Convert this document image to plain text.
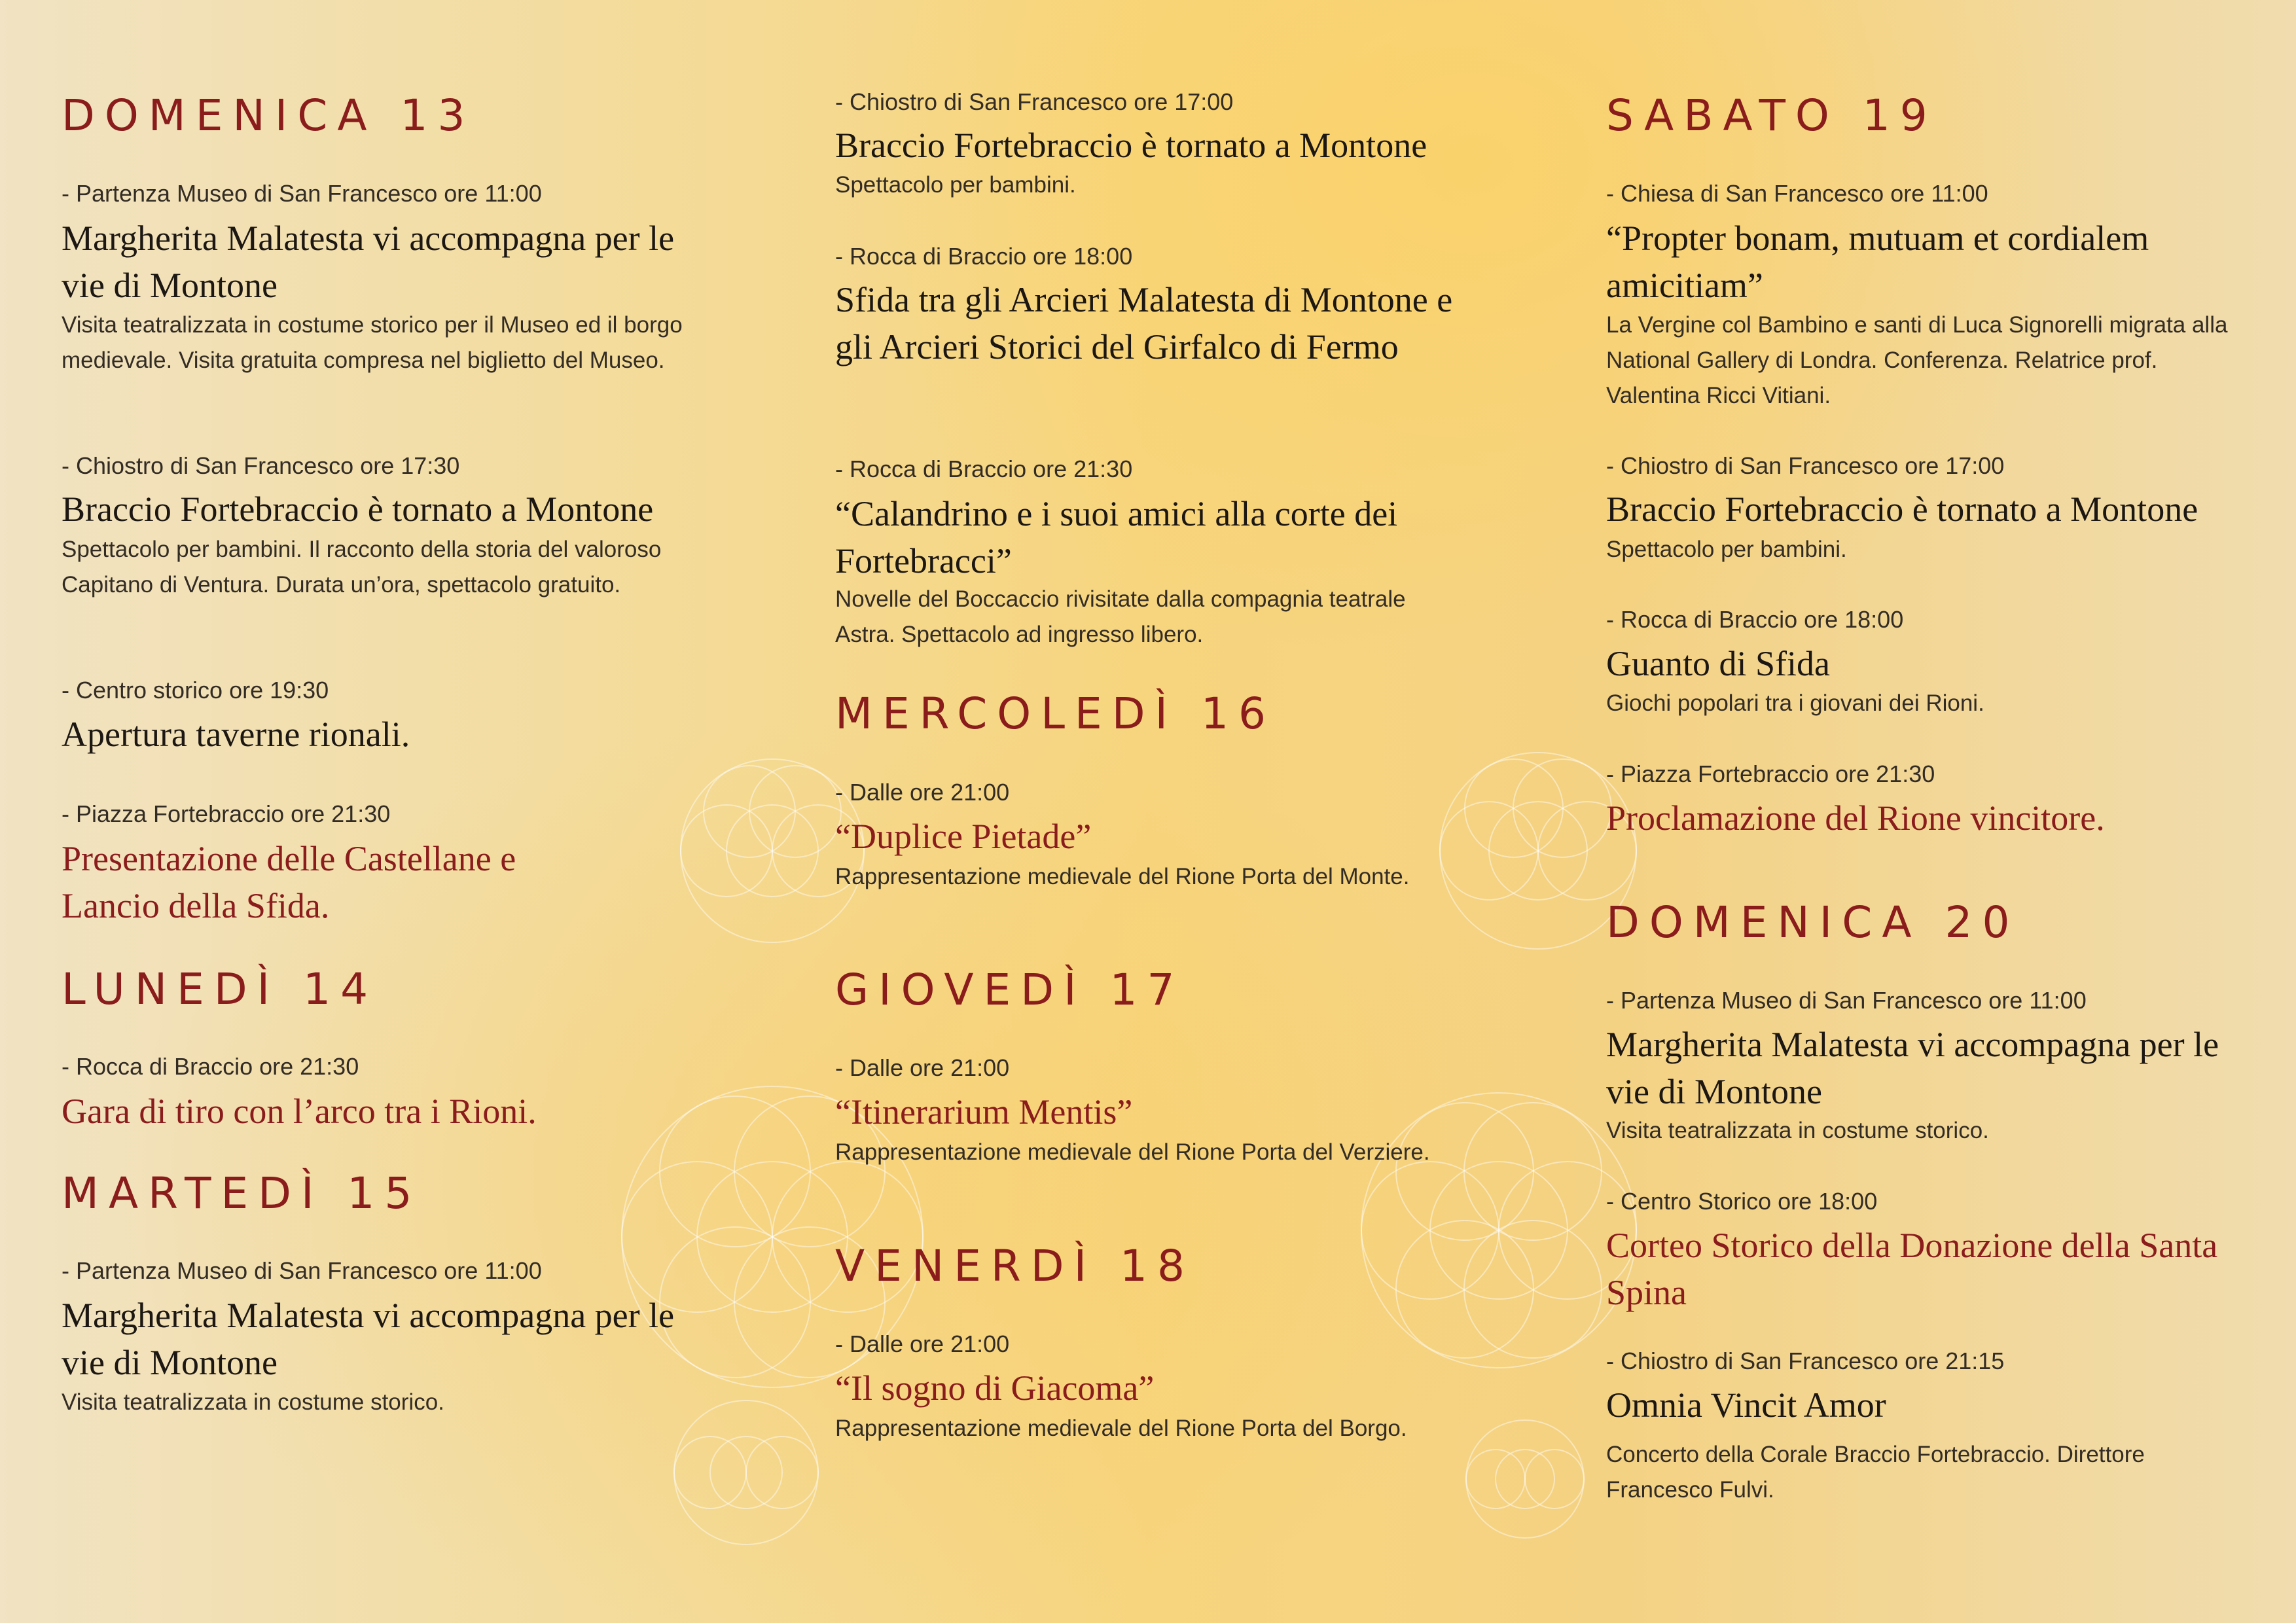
DOMENICA 13
- Partenza Museo di San Francesco ore 11:00
Margherita Malatesta vi accompagna per le vie di Montone
Visita teatralizzata in costume storico per il Museo ed il borgo medievale. Visita gratuita compresa nel biglietto del Museo.
- Chiostro di San Francesco ore 17:30
Braccio Fortebraccio è tornato a Montone
Spettacolo per bambini. Il racconto della storia del valoroso Capitano di Ventura. Durata un’ora, spettacolo gratuito.
- Centro storico ore 19:30
Apertura taverne rionali.
- Piazza Fortebraccio ore 21:30
Presentazione delle Castellane e Lancio della Sfida.
LUNEDÌ 14
- Rocca di Braccio ore 21:30
Gara di tiro con l’arco tra i Rioni.
MARTEDÌ 15
- Partenza Museo di San Francesco ore 11:00
Margherita Malatesta vi accompagna per le vie di Montone
Visita teatralizzata in costume storico.
- Chiostro di San Francesco ore 17:00
Braccio Fortebraccio è tornato a Montone
Spettacolo per bambini.
- Rocca di Braccio ore 18:00
Sfida tra gli Arcieri Malatesta di Montone e gli Arcieri Storici del Girfalco di Fermo
- Rocca di Braccio ore 21:30
“Calandrino e i suoi amici alla corte dei Fortebracci”
Novelle del Boccaccio rivisitate dalla compagnia teatrale Astra. Spettacolo ad ingresso libero.
MERCOLEDÌ 16
- Dalle ore 21:00
“Duplice Pietade”
Rappresentazione medievale del Rione Porta del Monte.
GIOVEDÌ 17
- Dalle ore 21:00
“Itinerarium Mentis”
Rappresentazione medievale del Rione Porta del Verziere.
VENERDÌ 18
- Dalle ore 21:00
“Il sogno di Giacoma”
Rappresentazione medievale del Rione Porta del Borgo.
SABATO 19
- Chiesa di San Francesco ore 11:00
“Propter bonam, mutuam et cordialem amicitiam”
La Vergine col Bambino e santi di Luca Signorelli migrata alla National Gallery di Londra. Conferenza. Relatrice prof. Valentina Ricci Vitiani.
- Chiostro di San Francesco ore 17:00
Braccio Fortebraccio è tornato a Montone
Spettacolo per bambini.
- Rocca di Braccio ore 18:00
Guanto di Sfida
Giochi popolari tra i giovani dei Rioni.
- Piazza Fortebraccio ore 21:30
Proclamazione del Rione vincitore.
DOMENICA 20
- Partenza Museo di San Francesco ore 11:00
Margherita Malatesta vi accompagna per le vie di Montone
Visita teatralizzata in costume storico.
- Centro Storico ore 18:00
Corteo Storico della Donazione della Santa Spina
- Chiostro di San Francesco ore 21:15
Omnia Vincit Amor
Concerto della Corale Braccio Fortebraccio. Direttore Francesco Fulvi.
